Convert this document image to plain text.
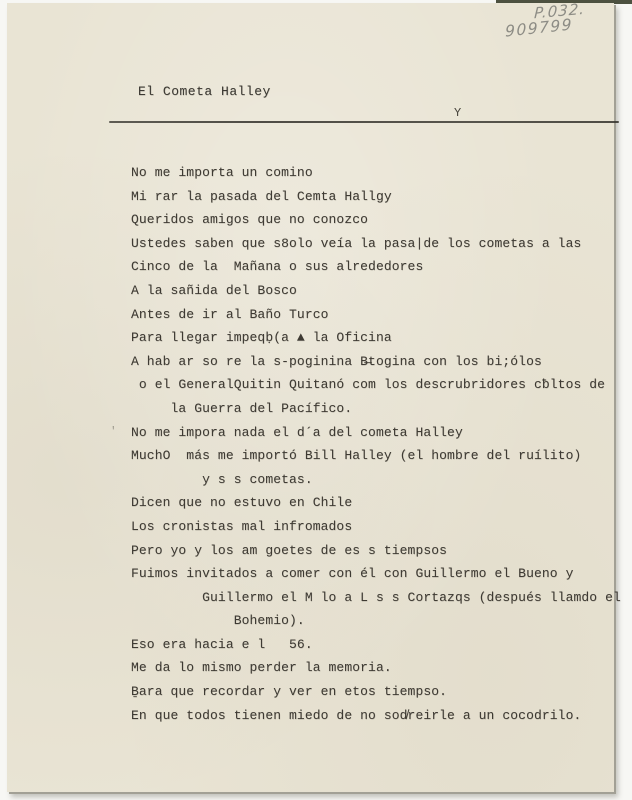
El Cometa Halley
Y
'
No me importa un comino
Mi rar la pasada del Cemta Hallgy
Queridos amigos que no conozco
Ustedes saben que s8olo veía la pasa|de los cometas a las
Cinco de la  Mañana o sus alrededores
A la sañida del Bosco
Antes de ir al Baño Turco
Para llegar impeqḅ(a ▲ la Oficina
A hab ar so re la s-poginina B̶togina con los bi;ólos
o el GeneralQuitin Quitanó com los descrubridores cƀltos de
la Guerra del Pacífico.
No me impora nada el d´a del cometa Halley
MuchO  más me importó Bill Halley (el hombre del ruílito)
y s s cometas.
Dicen que no estuvo en Chile
Los cronistas mal infromados
Pero yo y los am goetes de es s tiempsos
Fuimos invitados a comer con él con Guillermo el Bueno y
Guillermo el M lo a L s s Cortazqs (después llamdo el
Bohemio).
Eso era hacia e l   56.
Me da lo mismo perder la memoria.
Ḇara que recordar y ver en etos tiempso.
En que todos tienen miedo de no sod̸reirle a un cocodrilo.
P.032.
909799
